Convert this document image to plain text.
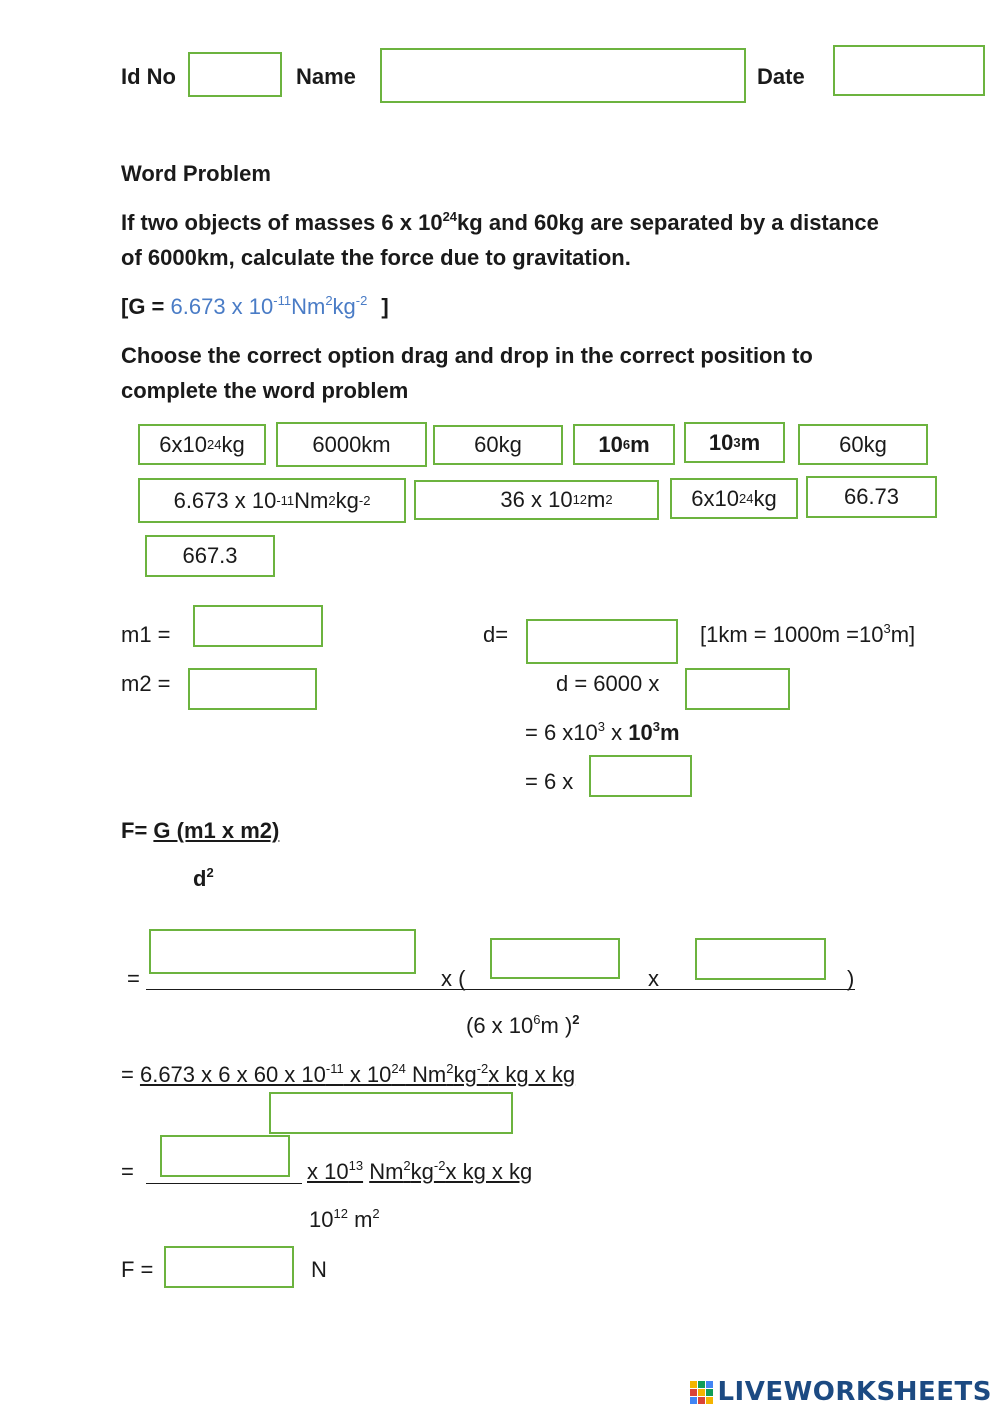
Id No	Name	Date
Word Problem
If two objects of masses 6 x $10^{24}kg$ and 60kg are separated by a distance
of 6000km, calculate the force due to gravitation.
[G = 6.673 x $10^{-11}Nm^2kg^{-2}$ ]
Choose the correct option drag and drop in the correct position to
complete the word problem
6x10 24 kg	6000km	60kg	10 6 m	10 3 m	60kg
6.673 x 10 -11 Nm 2 kg -2	36 x 10 12 m 2	6x10 24 kg	66.73
667.3
m1 =
m2 =
d=	$[1km = 1000m =10^3m]$
d = 6000 x
= 6 $x10^3$ x $10^3m$
= 6 x
F= G (m1 x m2)
$d^2$
=	x (	x	)
(6 x $10^6m$ )$^2$
= 6.673 x 6 x 60 x $10^{-11}$ x $10^{24}$ $Nm^2kg^{-2}x$ kg x kg
=	x $10^{13}$ $Nm^2kg^{-2}x$ kg x kg
$10^{12}$ $m^2$
F =	N
LIVEWORKSHEETS
